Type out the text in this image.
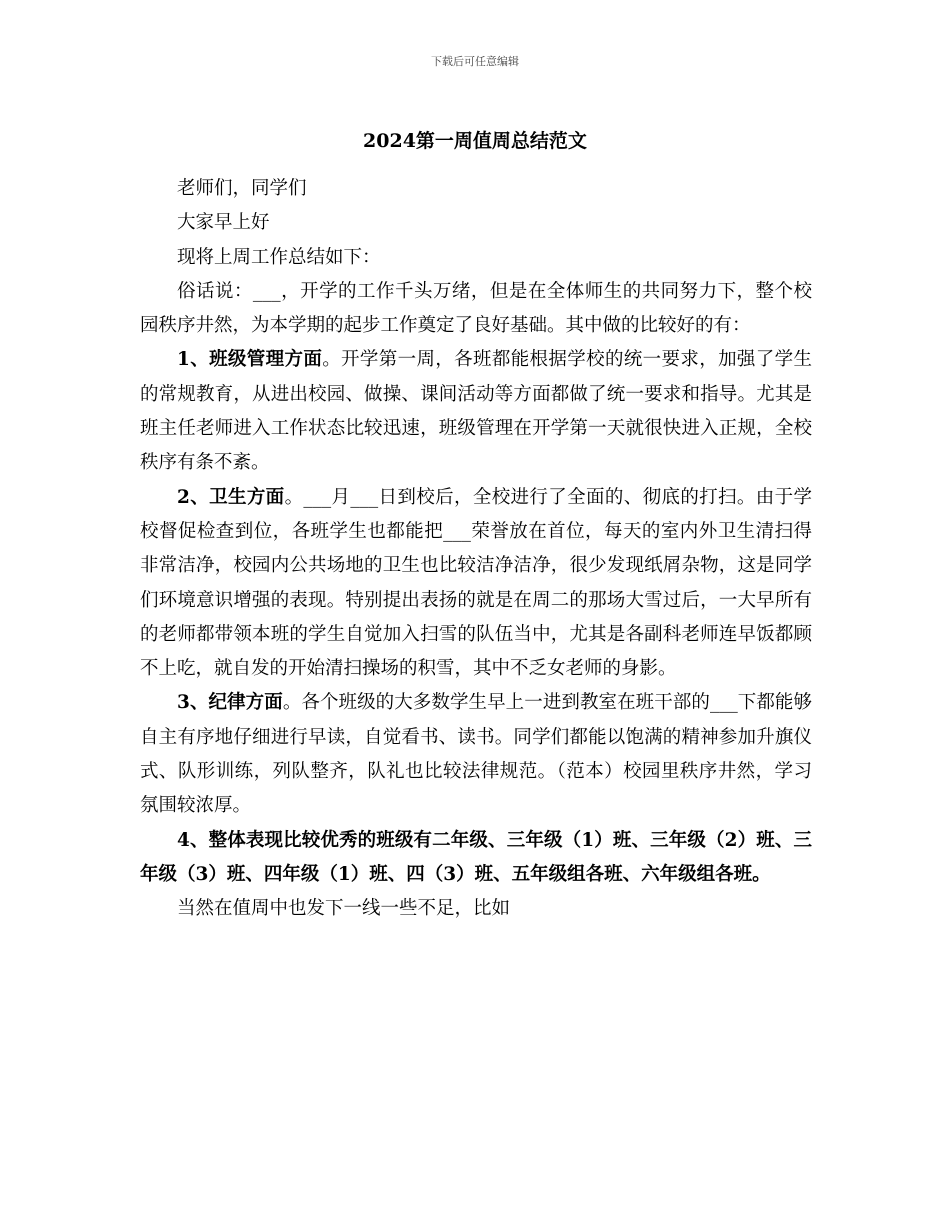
下载后可任意编辑
2024第一周值周总结范文

老师们，同学们

大家早上好

现将上周工作总结如下：

俗话说：___，开学的工作千头万绪，但是在全体师生的共同努力下，整个校园秩序井然，为本学期的起步工作奠定了良好基础。其中做的比较好的有：

1、班级管理方面。开学第一周，各班都能根据学校的统一要求，加强了学生的常规教育，从进出校园、做操、课间活动等方面都做了统一要求和指导。尤其是班主任老师进入工作状态比较迅速，班级管理在开学第一天就很快进入正规，全校秩序有条不紊。

2、卫生方面。___月___日到校后，全校进行了全面的、彻底的打扫。由于学校督促检查到位，各班学生也都能把___荣誉放在首位，每天的室内外卫生清扫得非常洁净，校园内公共场地的卫生也比较洁净洁净，很少发现纸屑杂物，这是同学们环境意识增强的表现。特别提出表扬的就是在周二的那场大雪过后，一大早所有的老师都带领本班的学生自觉加入扫雪的队伍当中，尤其是各副科老师连早饭都顾不上吃，就自发的开始清扫操场的积雪，其中不乏女老师的身影。

3、纪律方面。各个班级的大多数学生早上一进到教室在班干部的___下都能够自主有序地仔细进行早读，自觉看书、读书。同学们都能以饱满的精神参加升旗仪式、队形训练，列队整齐，队礼也比较法律规范。（范本）校园里秩序井然，学习氛围较浓厚。

4、整体表现比较优秀的班级有二年级、三年级（1）班、三年级（2）班、三年级（3）班、四年级（1）班、四（3）班、五年级组各班、六年级组各班。

当然在值周中也发下一线一些不足，比如
